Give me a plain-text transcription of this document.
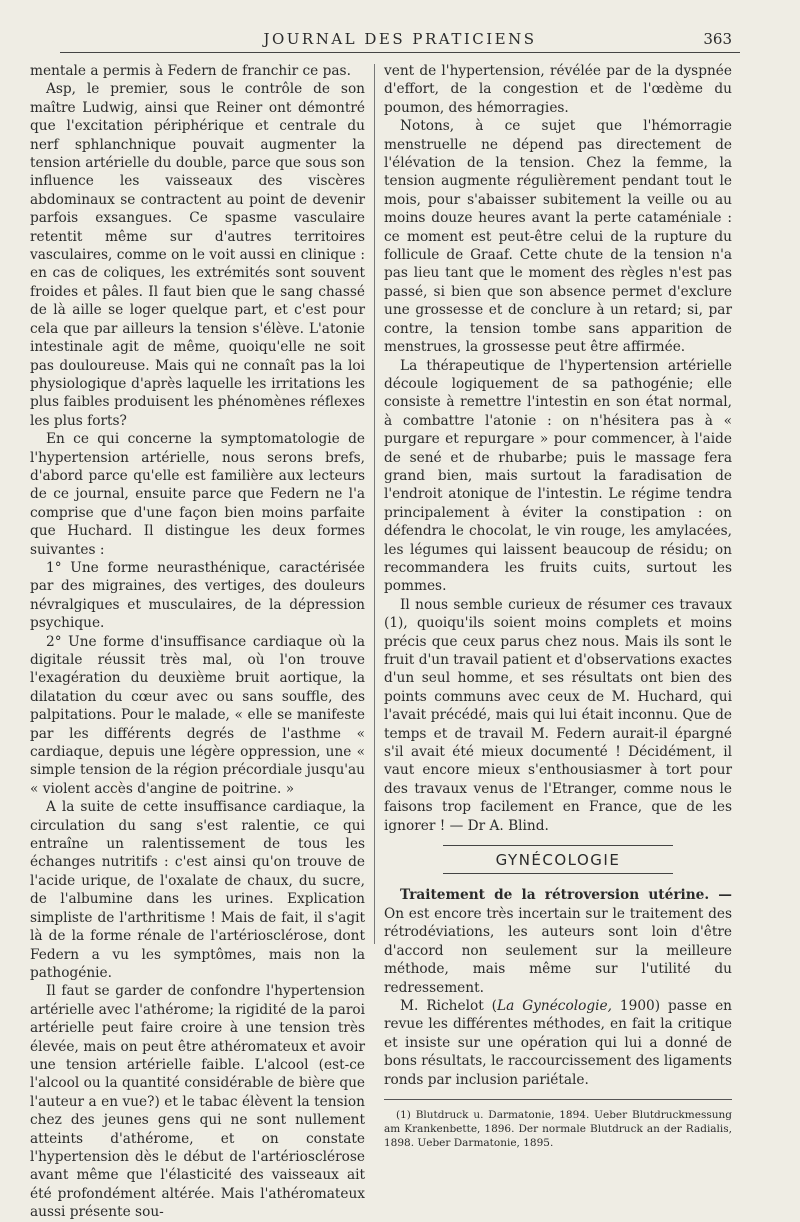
JOURNAL DES PRATICIENS	363

mentale a permis à Federn de franchir ce pas.

Asp, le premier, sous le contrôle de son maître Ludwig, ainsi que Reiner ont démontré que l'excitation périphérique et centrale du nerf sphlanchnique pouvait augmenter la tension artérielle du double, parce que sous son influence les vaisseaux des viscères abdominaux se contractent au point de devenir parfois exsangues. Ce spasme vasculaire retentit même sur d'autres territoires vasculaires, comme on le voit aussi en clinique : en cas de coliques, les extrémités sont souvent froides et pâles. Il faut bien que le sang chassé de là aille se loger quelque part, et c'est pour cela que par ailleurs la tension s'élève. L'atonie intestinale agit de même, quoiqu'elle ne soit pas douloureuse. Mais qui ne connaît pas la loi physiologique d'après laquelle les irritations les plus faibles produisent les phénomènes réflexes les plus forts?

En ce qui concerne la symptomatologie de l'hypertension artérielle, nous serons brefs, d'abord parce qu'elle est familière aux lecteurs de ce journal, ensuite parce que Federn ne l'a comprise que d'une façon bien moins parfaite que Huchard. Il distingue les deux formes suivantes :

1° Une forme neurasthénique, caractérisée par des migraines, des vertiges, des douleurs névralgiques et musculaires, de la dépression psychique.

2° Une forme d'insuffisance cardiaque où la digitale réussit très mal, où l'on trouve l'exagération du deuxième bruit aortique, la dilatation du cœur avec ou sans souffle, des palpitations. Pour le malade, « elle se manifeste par les différents degrés de l'asthme « cardiaque, depuis une légère oppression, une « simple tension de la région précordiale jusqu'au « violent accès d'angine de poitrine. »

A la suite de cette insuffisance cardiaque, la circulation du sang s'est ralentie, ce qui entraîne un ralentissement de tous les échanges nutritifs : c'est ainsi qu'on trouve de l'acide urique, de l'oxalate de chaux, du sucre, de l'albumine dans les urines. Explication simpliste de l'arthritisme ! Mais de fait, il s'agit là de la forme rénale de l'artériosclérose, dont Federn a vu les symptômes, mais non la pathogénie.

Il faut se garder de confondre l'hypertension artérielle avec l'athérome; la rigidité de la paroi artérielle peut faire croire à une tension très élevée, mais on peut être athéromateux et avoir une tension artérielle faible. L'alcool (est-ce l'alcool ou la quantité considérable de bière que l'auteur a en vue?) et le tabac élèvent la tension chez des jeunes gens qui ne sont nullement atteints d'athérome, et on constate l'hypertension dès le début de l'artériosclérose avant même que l'élasticité des vaisseaux ait été profondément altérée. Mais l'athéromateux aussi présente sou-

vent de l'hypertension, révélée par de la dyspnée d'effort, de la congestion et de l'œdème du poumon, des hémorragies.

Notons, à ce sujet que l'hémorragie menstruelle ne dépend pas directement de l'élévation de la tension. Chez la femme, la tension augmente régulièrement pendant tout le mois, pour s'abaisser subitement la veille ou au moins douze heures avant la perte cataméniale : ce moment est peut-être celui de la rupture du follicule de Graaf. Cette chute de la tension n'a pas lieu tant que le moment des règles n'est pas passé, si bien que son absence permet d'exclure une grossesse et de conclure à un retard; si, par contre, la tension tombe sans apparition de menstrues, la grossesse peut être affirmée.

La thérapeutique de l'hypertension artérielle découle logiquement de sa pathogénie; elle consiste à remettre l'intestin en son état normal, à combattre l'atonie : on n'hésitera pas à « purgare et repurgare » pour commencer, à l'aide de sené et de rhubarbe; puis le massage fera grand bien, mais surtout la faradisation de l'endroit atonique de l'intestin. Le régime tendra principalement à éviter la constipation : on défendra le chocolat, le vin rouge, les amylacées, les légumes qui laissent beaucoup de résidu; on recommandera les fruits cuits, surtout les pommes.

Il nous semble curieux de résumer ces travaux (1), quoiqu'ils soient moins complets et moins précis que ceux parus chez nous. Mais ils sont le fruit d'un travail patient et d'observations exactes d'un seul homme, et ses résultats ont bien des points communs avec ceux de M. Huchard, qui l'avait précédé, mais qui lui était inconnu. Que de temps et de travail M. Federn aurait-il épargné s'il avait été mieux documenté ! Décidément, il vaut encore mieux s'enthousiasmer à tort pour des travaux venus de l'Etranger, comme nous le faisons trop facilement en France, que de les ignorer ! — Dr A. Blind.

GYNÉCOLOGIE

Traitement de la rétroversion utérine. — On est encore très incertain sur le traitement des rétrodéviations, les auteurs sont loin d'être d'accord non seulement sur la meilleure méthode, mais même sur l'utilité du redressement.

M. Richelot (La Gynécologie, 1900) passe en revue les différentes méthodes, en fait la critique et insiste sur une opération qui lui a donné de bons résultats, le raccourcissement des ligaments ronds par inclusion pariétale.

(1) Blutdruck u. Darmatonie, 1894. Ueber Blutdruckmessung am Krankenbette, 1896. Der normale Blutdruck an der Radialis, 1898. Ueber Darmatonie, 1895.
